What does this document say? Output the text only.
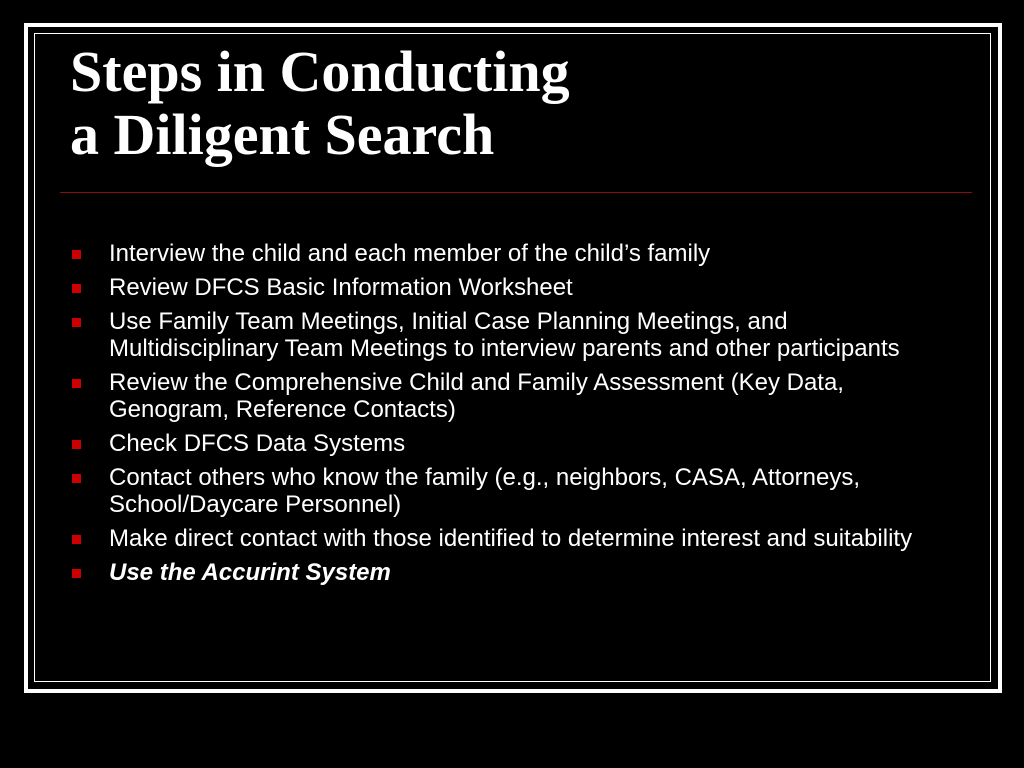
Steps in Conducting
a Diligent Search
Interview the child and each member of the child’s family
Review DFCS Basic Information Worksheet
Use Family Team Meetings, Initial Case Planning Meetings, and Multidisciplinary Team Meetings to interview parents and other participants
Review the Comprehensive Child and Family Assessment (Key Data, Genogram, Reference Contacts)
Check DFCS Data Systems
Contact others who know the family (e.g., neighbors, CASA, Attorneys, School/Daycare Personnel)
Make direct contact with those identified to determine interest and suitability
Use the Accurint System
